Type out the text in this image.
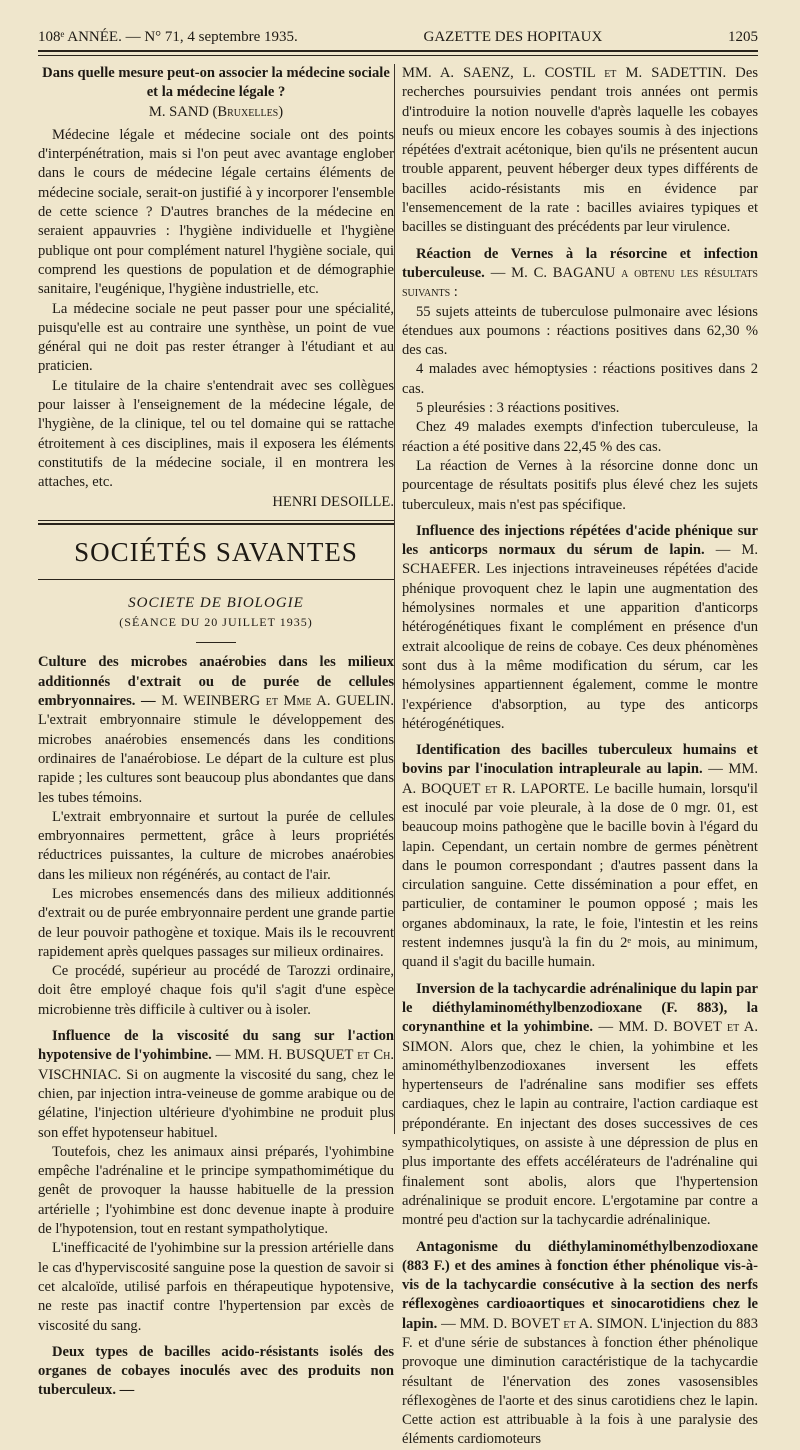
108ᵉ ANNÉE. — N° 71, 4 septembre 1935.	GAZETTE DES HOPITAUX	1205

Dans quelle mesure peut-on associer la médecine sociale et la médecine légale ?

M. SAND (Bruxelles)

Médecine légale et médecine sociale ont des points d'interpénétration, mais si l'on peut avec avantage englober dans le cours de médecine légale certains éléments de médecine sociale, serait-on justifié à y incorporer l'ensemble de cette science ? D'autres branches de la médecine en seraient appauvries : l'hygiène individuelle et l'hygiène publique ont pour complément naturel l'hygiène sociale, qui comprend les questions de population et de démographie sanitaire, l'eugénique, l'hygiène industrielle, etc.

La médecine sociale ne peut passer pour une spécialité, puisqu'elle est au contraire une synthèse, un point de vue général qui ne doit pas rester étranger à l'étudiant et au praticien.

Le titulaire de la chaire s'entendrait avec ses collègues pour laisser à l'enseignement de la médecine légale, de l'hygiène, de la clinique, tel ou tel domaine qui se rattache étroitement à ces disciplines, mais il exposera les éléments constitutifs de la médecine sociale, il en montrera les attaches, etc.

HENRI DESOILLE.

SOCIÉTÉS SAVANTES

SOCIETE DE BIOLOGIE

(SÉANCE DU 20 JUILLET 1935)

Culture des microbes anaérobies dans les milieux additionnés d'extrait ou de purée de cellules embryonnaires. — M. WEINBERG et Mme A. GUELIN. L'extrait embryonnaire stimule le développement des microbes anaérobies ensemencés dans les conditions ordinaires de l'anaérobiose. Le départ de la culture est plus rapide ; les cultures sont beaucoup plus abondantes que dans les tubes témoins.

L'extrait embryonnaire et surtout la purée de cellules embryonnaires permettent, grâce à leurs propriétés réductrices puissantes, la culture de microbes anaérobies dans les milieux non régénérés, au contact de l'air.

Les microbes ensemencés dans des milieux additionnés d'extrait ou de purée embryonnaire perdent une grande partie de leur pouvoir pathogène et toxique. Mais ils le recouvrent rapidement après quelques passages sur milieux ordinaires.

Ce procédé, supérieur au procédé de Tarozzi ordinaire, doit être employé chaque fois qu'il s'agit d'une espèce microbienne très difficile à cultiver ou à isoler.

Influence de la viscosité du sang sur l'action hypotensive de l'yohimbine. — MM. H. BUSQUET et Ch. VISCHNIAC. Si on augmente la viscosité du sang, chez le chien, par injection intra-veineuse de gomme arabique ou de gélatine, l'injection ultérieure d'yohimbine ne produit plus son effet hypotenseur habituel.

Toutefois, chez les animaux ainsi préparés, l'yohimbine empêche l'adrénaline et le principe sympathomimétique du genêt de provoquer la hausse habituelle de la pression artérielle ; l'yohimbine est donc devenue inapte à produire de l'hypotension, tout en restant sympatholytique.

L'inefficacité de l'yohimbine sur la pression artérielle dans le cas d'hyperviscosité sanguine pose la question de savoir si cet alcaloïde, utilisé parfois en thérapeutique hypotensive, ne reste pas inactif contre l'hypertension par excès de viscosité du sang.

Deux types de bacilles acido-résistants isolés des organes de cobayes inoculés avec des produits non tuberculeux. —

MM. A. SAENZ, L. COSTIL et M. SADETTIN. Des recherches poursuivies pendant trois années ont permis d'introduire la notion nouvelle d'après laquelle les cobayes neufs ou mieux encore les cobayes soumis à des injections répétées d'extrait acétonique, bien qu'ils ne présentent aucun trouble apparent, peuvent héberger deux types différents de bacilles acido-résistants mis en évidence par l'ensemencement de la rate : bacilles aviaires typiques et bacilles se distinguant des précédents par leur virulence.

Réaction de Vernes à la résorcine et infection tuberculeuse. — M. C. BAGANU a obtenu les résultats suivants :

55 sujets atteints de tuberculose pulmonaire avec lésions étendues aux poumons : réactions positives dans 62,30 % des cas.

4 malades avec hémoptysies : réactions positives dans 2 cas.

5 pleurésies : 3 réactions positives.

Chez 49 malades exempts d'infection tuberculeuse, la réaction a été positive dans 22,45 % des cas.

La réaction de Vernes à la résorcine donne donc un pourcentage de résultats positifs plus élevé chez les sujets tuberculeux, mais n'est pas spécifique.

Influence des injections répétées d'acide phénique sur les anticorps normaux du sérum de lapin. — M. SCHAEFER. Les injections intraveineuses répétées d'acide phénique provoquent chez le lapin une augmentation des hémolysines normales et une apparition d'anticorps hétérogénétiques fixant le complément en présence d'un extrait alcoolique de reins de cobaye. Ces deux phénomènes sont dus à la même modification du sérum, car les hémolysines appartiennent également, comme le montre l'expérience d'absorption, au type des anticorps hétérogénétiques.

Identification des bacilles tuberculeux humains et bovins par l'inoculation intrapleurale au lapin. — MM. A. BOQUET et R. LAPORTE. Le bacille humain, lorsqu'il est inoculé par voie pleurale, à la dose de 0 mgr. 01, est beaucoup moins pathogène que le bacille bovin à l'égard du lapin. Cependant, un certain nombre de germes pénètrent dans le poumon correspondant ; d'autres passent dans la circulation sanguine. Cette dissémination a pour effet, en particulier, de contaminer le poumon opposé ; mais les organes abdominaux, la rate, le foie, l'intestin et les reins restent indemnes jusqu'à la fin du 2ᵉ mois, au minimum, quand il s'agit du bacille humain.

Inversion de la tachycardie adrénalinique du lapin par le diéthylaminométhylbenzodioxane (F. 883), la corynanthine et la yohimbine. — MM. D. BOVET et A. SIMON. Alors que, chez le chien, la yohimbine et les aminométhylbenzodioxanes inversent les effets hypertenseurs de l'adrénaline sans modifier ses effets cardiaques, chez le lapin au contraire, l'action cardiaque est prépondérante. En injectant des doses successives de ces sympathicolytiques, on assiste à une dépression de plus en plus importante des effets accélérateurs de l'adrénaline qui finalement sont abolis, alors que l'hypertension adrénalinique se produit encore. L'ergotamine par contre a montré peu d'action sur la tachycardie adrénalinique.

Antagonisme du diéthylaminométhylbenzodioxane (883 F.) et des amines à fonction éther phénolique vis-à-vis de la tachycardie consécutive à la section des nerfs réflexogènes cardioaortiques et sinocarotidiens chez le lapin. — MM. D. BOVET et A. SIMON. L'injection du 883 F. et d'une série de substances à fonction éther phénolique provoque une diminution caractéristique de la tachycardie résultant de l'énervation des zones vasosensibles réflexogènes de l'aorte et des sinus carotidiens chez le lapin. Cette action est attribuable à la fois à une paralysie des éléments cardiomoteurs
